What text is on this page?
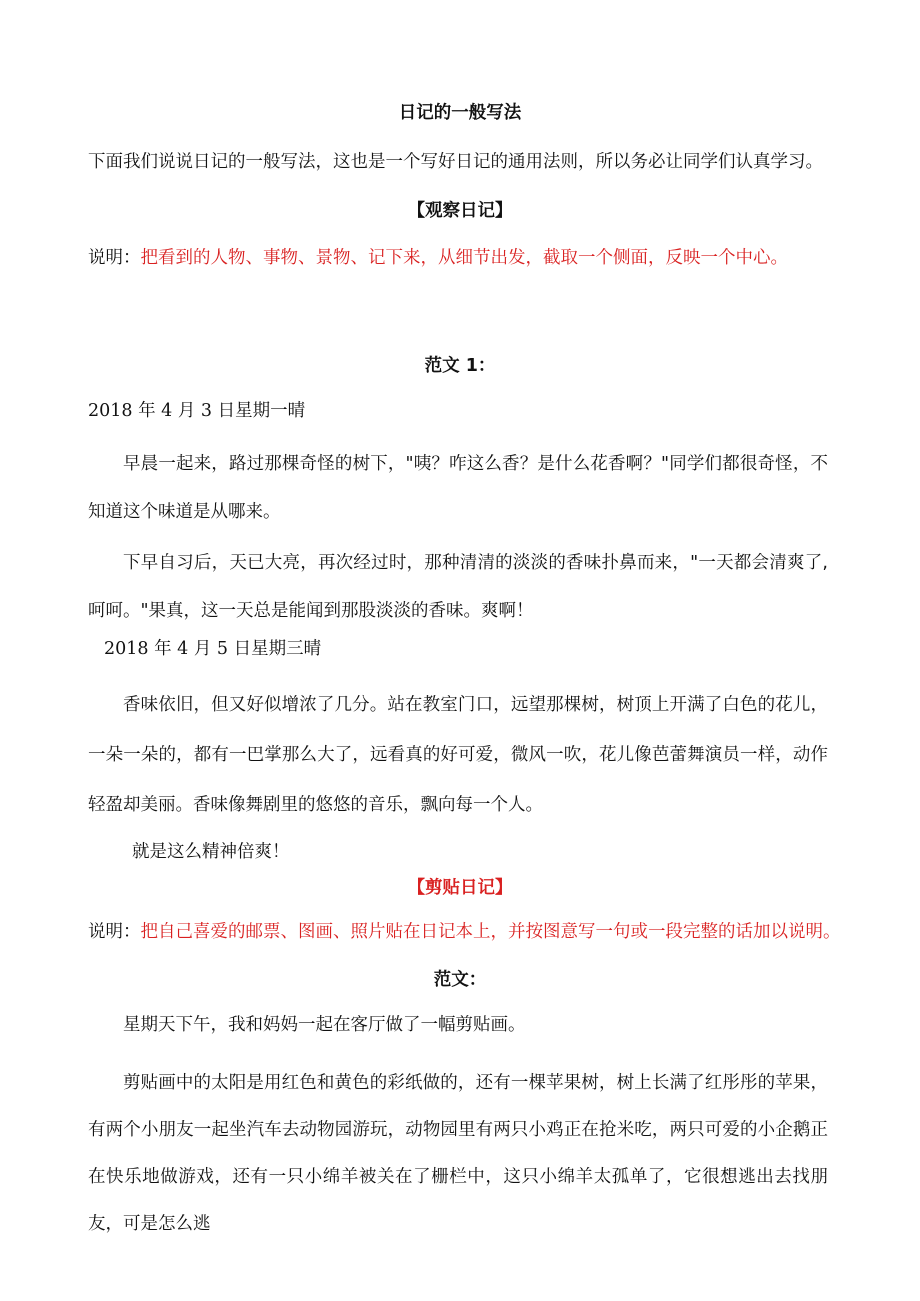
日记的一般写法
下面我们说说日记的一般写法，这也是一个写好日记的通用法则，所以务必让同学们认真学习。
【观察日记】
说明：把看到的人物、事物、景物、记下来，从细节出发，截取一个侧面，反映一个中心。
范文 1：
2018 年 4 月 3 日星期一晴

早晨一起来，路过那棵奇怪的树下，"咦？咋这么香？是什么花香啊？"同学们都很奇怪，不知道这个味道是从哪来。

下早自习后，天已大亮，再次经过时，那种清清的淡淡的香味扑鼻而来，"一天都会清爽了,呵呵。"果真，这一天总是能闻到那股淡淡的香味。爽啊！

2018 年 4 月 5 日星期三晴

香味依旧，但又好似增浓了几分。站在教室门口，远望那棵树，树顶上开满了白色的花儿，一朵一朵的，都有一巴掌那么大了，远看真的好可爱，微风一吹，花儿像芭蕾舞演员一样，动作轻盈却美丽。香味像舞剧里的悠悠的音乐，飘向每一个人。

就是这么精神倍爽！
【剪贴日记】
说明：把自己喜爱的邮票、图画、照片贴在日记本上，并按图意写一句或一段完整的话加以说明。
范文：

星期天下午，我和妈妈一起在客厅做了一幅剪贴画。

剪贴画中的太阳是用红色和黄色的彩纸做的，还有一棵苹果树，树上长满了红彤彤的苹果，有两个小朋友一起坐汽车去动物园游玩，动物园里有两只小鸡正在抢米吃，两只可爱的小企鹅正在快乐地做游戏，还有一只小绵羊被关在了栅栏中，这只小绵羊太孤单了，它很想逃出去找朋友，可是怎么逃
